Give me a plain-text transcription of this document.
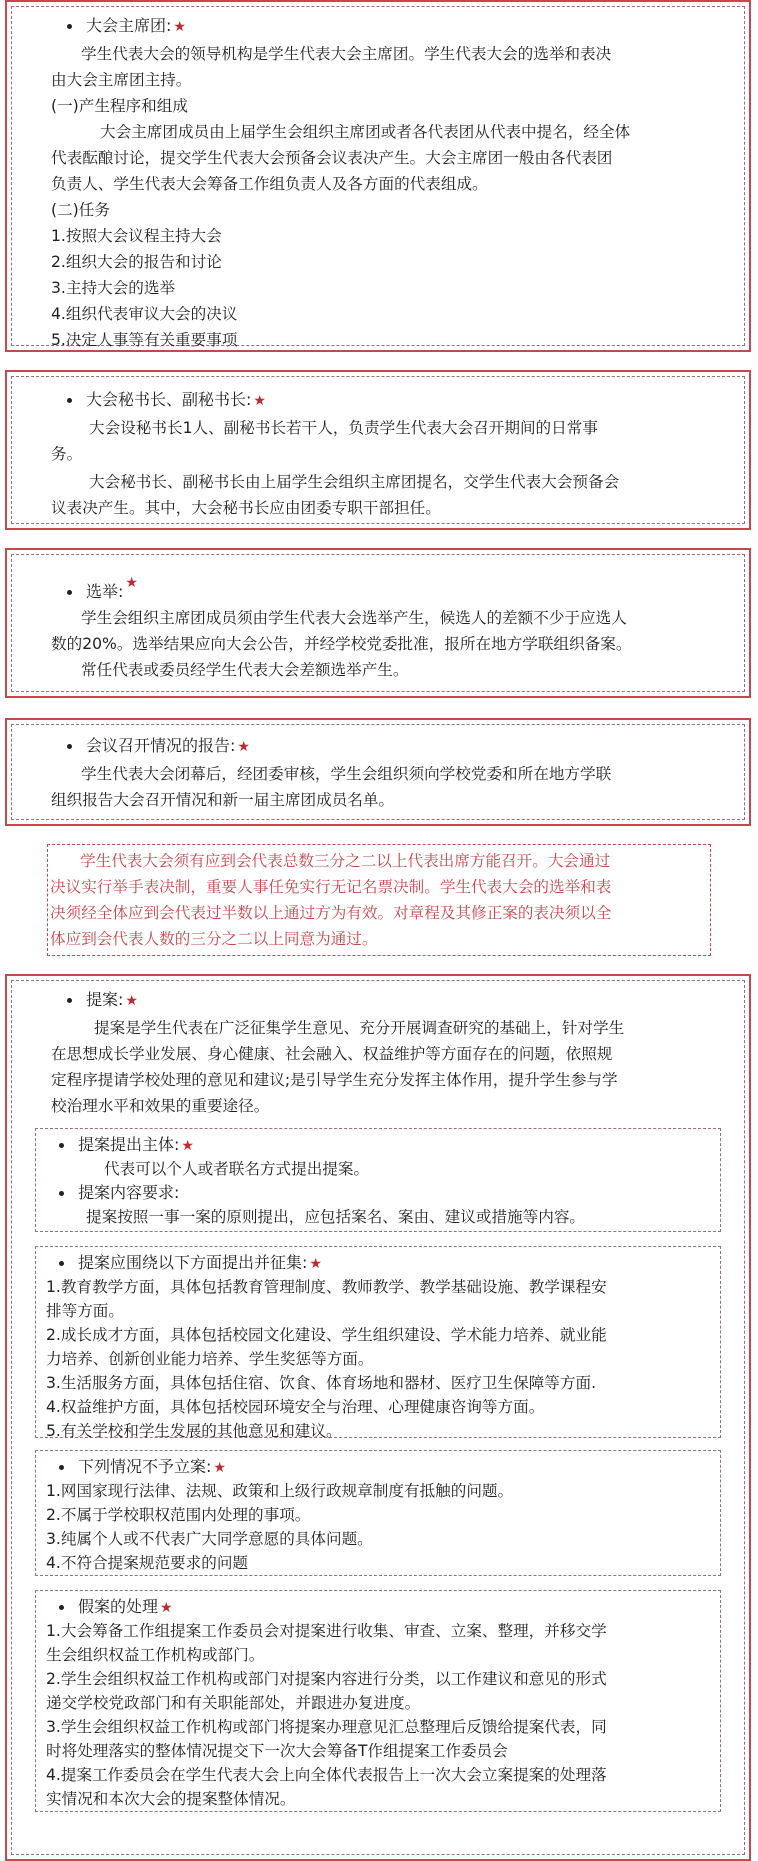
大会主席团: ★
学生代表大会的领导机构是学生代表大会主席团。学生代表大会的选举和表决
由大会主席团主持。
(一)产生程序和组成
大会主席团成员由上届学生会组织主席团或者各代表团从代表中提名，经全体
代表酝酿讨论，提交学生代表大会预备会议表决产生。大会主席团一般由各代表团
负责人、学生代表大会筹备工作组负责人及各方面的代表组成。
(二)任务
1.按照大会议程主持大会
2.组织大会的报告和讨论
3.主持大会的选举
4.组织代表审议大会的决议
5.决定人事等有关重要事项
大会秘书长、副秘书长: ★
大会设秘书长1人、副秘书长若干人，负责学生代表大会召开期间的日常事
务。
大会秘书长、副秘书长由上届学生会组织主席团提名，交学生代表大会预备会
议表决产生。其中，大会秘书长应由团委专职干部担任。
选举: ★
学生会组织主席团成员须由学生代表大会选举产生，候选人的差额不少于应选人
数的20%。选举结果应向大会公告，并经学校党委批准，报所在地方学联组织备案。
常任代表或委员经学生代表大会差额选举产生。
会议召开情况的报告: ★
学生代表大会闭幕后，经团委审核，学生会组织须向学校党委和所在地方学联
组织报告大会召开情况和新一届主席团成员名单。
学生代表大会须有应到会代表总数三分之二以上代表出席方能召开。大会通过
决议实行举手表决制，重要人事任免实行无记名票决制。学生代表大会的选举和表
决须经全体应到会代表过半数以上通过方为有效。对章程及其修正案的表决须以全
体应到会代表人数的三分之二以上同意为通过。
提案: ★
提案是学生代表在广泛征集学生意见、充分开展调查研究的基础上，针对学生
在思想成长学业发展、身心健康、社会融入、权益维护等方面存在的问题，依照规
定程序提请学校处理的意见和建议;是引导学生充分发挥主体作用，提升学生参与学
校治理水平和效果的重要途径。
提案提出主体: ★
代表可以个人或者联名方式提出提案。
提案内容要求:
提案按照一事一案的原则提出，应包括案名、案由、建议或措施等内容。
提案应围绕以下方面提出并征集: ★
1.教育教学方面，具体包括教育管理制度、教师教学、教学基础设施、教学课程安
排等方面。
2.成长成才方面，具体包括校园文化建设、学生组织建设、学术能力培养、就业能
力培养、创新创业能力培养、学生奖惩等方面。
3.生活服务方面，具体包括住宿、饮食、体育场地和器材、医疗卫生保障等方面.
4.权益维护方面，具体包括校园环境安全与治理、心理健康咨询等方面。
5.有关学校和学生发展的其他意见和建议。
下列情况不予立案: ★
1.网国家现行法律、法规、政策和上级行政规章制度有抵触的问题。
2.不属于学校职权范围内处理的事项。
3.纯属个人或不代表广大同学意愿的具体问题。
4.不符合提案规范要求的问题
假案的处理 ★
1.大会筹备工作组提案工作委员会对提案进行收集、审查、立案、整理，并移交学
生会组织权益工作机构或部门。
2.学生会组织权益工作机构或部门对提案内容进行分类，以工作建议和意见的形式
递交学校党政部门和有关职能部处，并跟进办复进度。
3.学生会组织权益工作机构或部门将提案办理意见汇总整理后反馈给提案代表，同
时将处理落实的整体情况提交下一次大会筹备T作组提案工作委员会
4.提案工作委员会在学生代表大会上向全体代表报告上一次大会立案提案的处理落
实情况和本次大会的提案整体情况。
